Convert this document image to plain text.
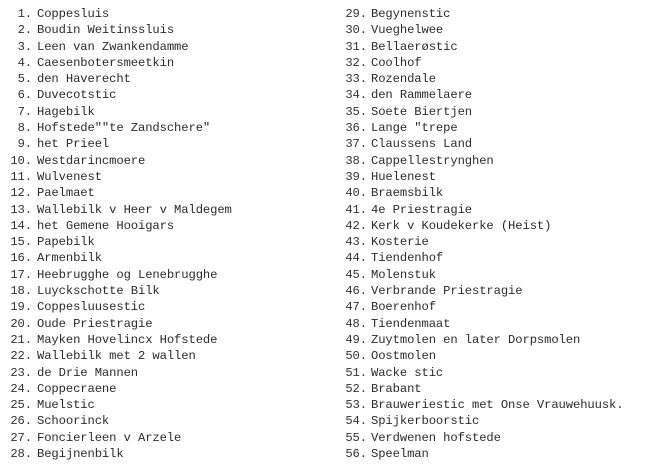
1. Coppesluis
2. Boudin Weitinssluis
3. Leen van Zwankendamme
4. Caesenbotersmeetkin
5. den Haverecht
6. Duvecotstic
7. Hagebilk
8. Hofstede""te Zandschere"
9. het Prieel
10. Westdarincmoere
11. Wulvenest
12. Paelmaet
13. Wallebilk v Heer v Maldegem
14. het Gemene Hooigars
15. Papebilk
16. Armenbilk
17. Heebrugghe og Lenebrugghe
18. Luyckschotte Bilk
19. Coppesluusestic
20. Oude Priestragie
21. Mayken Hovelincx Hofstede
22. Wallebilk met 2 wallen
23. de Drie Mannen
24. Coppecraene
25. Muelstic
26. Schoorinck
27. Foncierleen v Arzele
28. Begijnenbilk
29. Begynenstic
30. Vueghelwee
31. Bellaerøstic
32. Coolhof
33. Rozendale
34. den Rammelaere
35. Soete Biertjen
36. Lange "trepe
37. Claussens Land
38. Cappellestrynghen
39. Huelenest
40. Braemsbilk
41. 4e Priestragie
42. Kerk v Koudekerke (Heist)
43. Kosterie
44. Tiendenhof
45. Molenstuk
46. Verbrande Priestragie
47. Boerenhof
48. Tiendenmaat
49. Zuytmolen en later Dorpsmolen
50. Oostmolen
51. Wacke stic
52. Brabant
53. Brauweriestic met Onse Vrauwehuusk.
54. Spijkerboorstic
55. Verdwenen hofstede
56. Speelman
